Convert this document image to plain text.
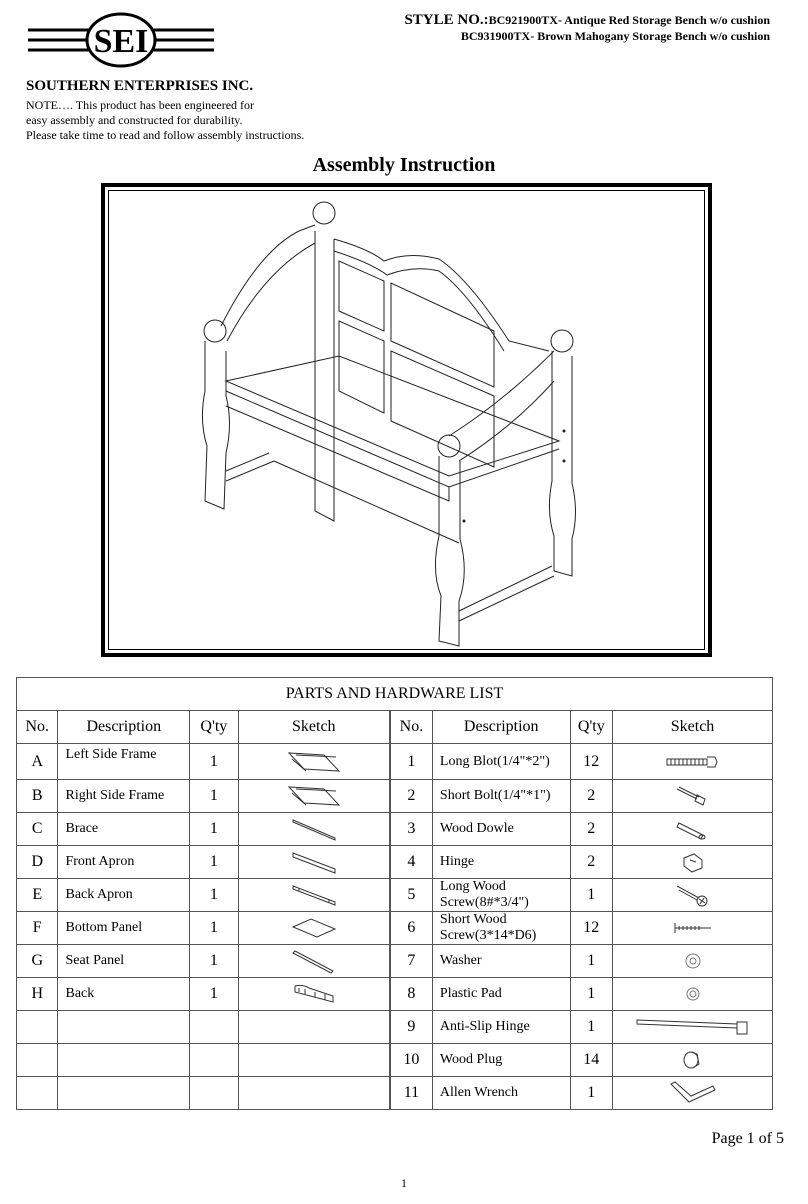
SEI
STYLE NO.:BC921900TX- Antique Red Storage Bench w/o cushion
BC931900TX- Brown Mahogany Storage Bench w/o cushion
SOUTHERN ENTERPRISES INC.
NOTE…. This product has been engineered for
easy assembly and constructed for durability.
Please take time to read and follow assembly instructions.
Assembly Instruction
PARTS AND HARDWARE LIST							
No.	Description	Q'ty	Sketch	No.	Description	Q'ty	Sketch
A	Left Side Frame	1		1	Long Blot(1/4"*2")	12	

B	Right Side Frame	1		2	Short Bolt(1/4"*1")	2	

C	Brace	1		3	Wood Dowle	2	

D	Front Apron	1		4	Hinge	2	

E	Back Apron	1		5	Long Wood
Screw(8#*3/4")	1	

F	Bottom Panel	1		6	Short Wood
Screw(3*14*D6)	12	

G	Seat Panel	1		7	Washer	1	

H	Back	1		8	Plastic Pad	1	

				9	Anti-Slip Hinge	1	

				10	Wood Plug	14	

				11	Allen Wrench	1	
Page 1 of 5
1
